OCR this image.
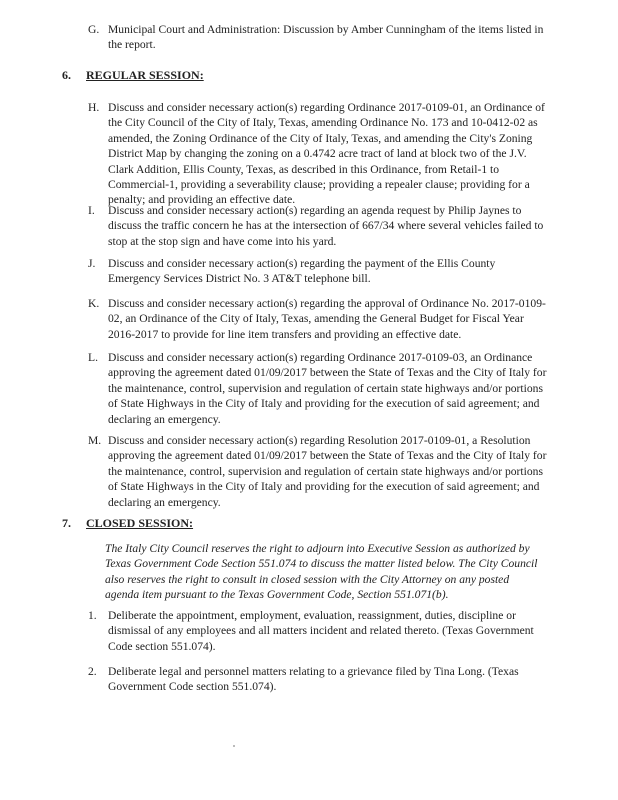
G. Municipal Court and Administration: Discussion by Amber Cunningham of the items listed in the report.
6. REGULAR SESSION:
H. Discuss and consider necessary action(s) regarding Ordinance 2017-0109-01, an Ordinance of the City Council of the City of Italy, Texas, amending Ordinance No. 173 and 10-0412-02 as amended, the Zoning Ordinance of the City of Italy, Texas, and amending the City's Zoning District Map by changing the zoning on a 0.4742 acre tract of land at block two of the J.V. Clark Addition, Ellis County, Texas, as described in this Ordinance, from Retail-1 to Commercial-1, providing a severability clause; providing a repealer clause; providing for a penalty; and providing an effective date.
I. Discuss and consider necessary action(s) regarding an agenda request by Philip Jaynes to discuss the traffic concern he has at the intersection of 667/34 where several vehicles failed to stop at the stop sign and have come into his yard.
J. Discuss and consider necessary action(s) regarding the payment of the Ellis County Emergency Services District No. 3 AT&T telephone bill.
K. Discuss and consider necessary action(s) regarding the approval of Ordinance No. 2017-0109-02, an Ordinance of the City of Italy, Texas, amending the General Budget for Fiscal Year 2016-2017 to provide for line item transfers and providing an effective date.
L. Discuss and consider necessary action(s) regarding Ordinance 2017-0109-03, an Ordinance approving the agreement dated 01/09/2017 between the State of Texas and the City of Italy for the maintenance, control, supervision and regulation of certain state highways and/or portions of State Highways in the City of Italy and providing for the execution of said agreement; and declaring an emergency.
M. Discuss and consider necessary action(s) regarding Resolution 2017-0109-01, a Resolution approving the agreement dated 01/09/2017 between the State of Texas and the City of Italy for the maintenance, control, supervision and regulation of certain state highways and/or portions of State Highways in the City of Italy and providing for the execution of said agreement; and declaring an emergency.
7. CLOSED SESSION:
The Italy City Council reserves the right to adjourn into Executive Session as authorized by Texas Government Code Section 551.074 to discuss the matter listed below. The City Council also reserves the right to consult in closed session with the City Attorney on any posted agenda item pursuant to the Texas Government Code, Section 551.071(b).
1. Deliberate the appointment, employment, evaluation, reassignment, duties, discipline or dismissal of any employees and all matters incident and related thereto. (Texas Government Code section 551.074).
2. Deliberate legal and personnel matters relating to a grievance filed by Tina Long. (Texas Government Code section 551.074).
